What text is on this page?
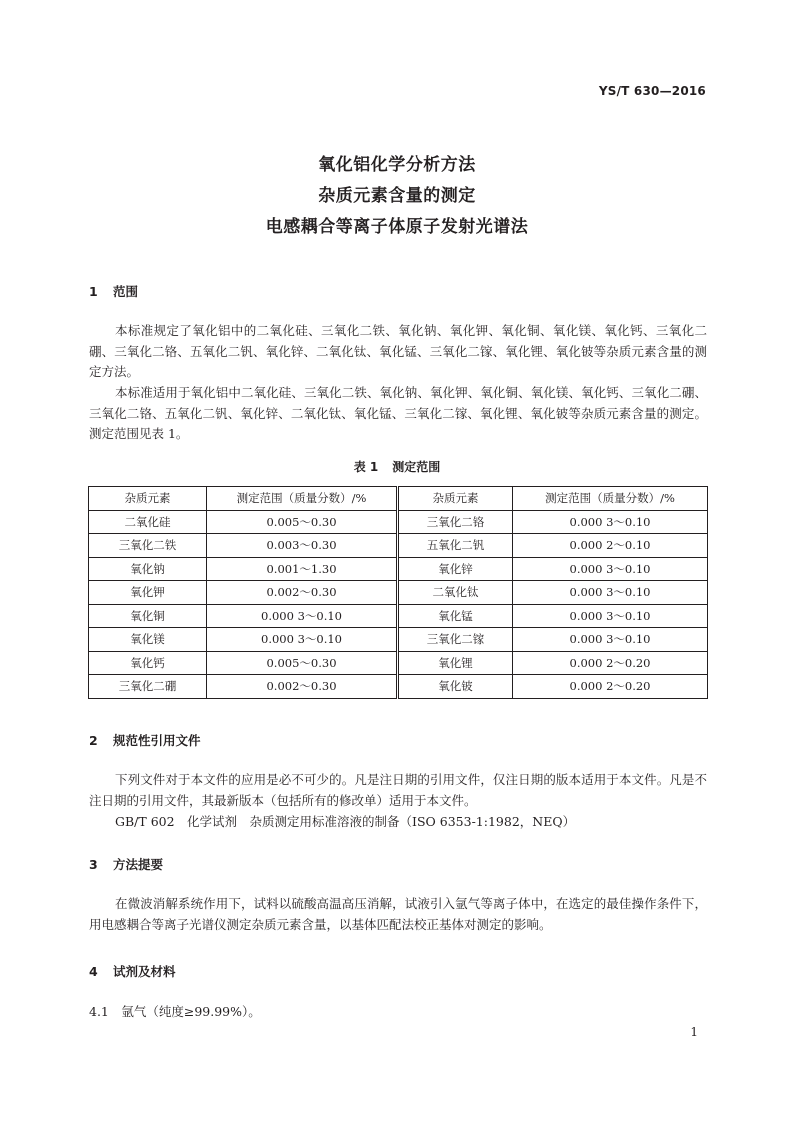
YS/T 630—2016
氧化铝化学分析方法
杂质元素含量的测定
电感耦合等离子体原子发射光谱法
1 范围

本标准规定了氧化铝中的二氧化硅、三氧化二铁、氧化钠、氧化钾、氧化铜、氧化镁、氧化钙、三氧化二硼、三氧化二铬、五氧化二钒、氧化锌、二氧化钛、氧化锰、三氧化二镓、氧化锂、氧化铍等杂质元素含量的测定方法。

本标准适用于氧化铝中二氧化硅、三氧化二铁、氧化钠、氧化钾、氧化铜、氧化镁、氧化钙、三氧化二硼、三氧化二铬、五氧化二钒、氧化锌、二氧化钛、氧化锰、三氧化二镓、氧化锂、氧化铍等杂质元素含量的测定。测定范围见表 1。

表 1 测定范围
杂质元素	测定范围（质量分数）/%	杂质元素	测定范围（质量分数）/%
二氧化硅	0.005～0.30	三氧化二铬	0.000 3～0.10
三氧化二铁	0.003～0.30	五氧化二钒	0.000 2～0.10
氧化钠	0.001～1.30	氧化锌	0.000 3～0.10
氧化钾	0.002～0.30	二氧化钛	0.000 3～0.10
氧化铜	0.000 3～0.10	氧化锰	0.000 3～0.10
氧化镁	0.000 3～0.10	三氧化二镓	0.000 3～0.10
氧化钙	0.005～0.30	氧化锂	0.000 2～0.20
三氧化二硼	0.002～0.30	氧化铍	0.000 2～0.20
2 规范性引用文件

下列文件对于本文件的应用是必不可少的。凡是注日期的引用文件，仅注日期的版本适用于本文件。凡是不注日期的引用文件，其最新版本（包括所有的修改单）适用于本文件。

GB/T 602　化学试剂　杂质测定用标准溶液的制备（ISO 6353-1:1982，NEQ）
3 方法提要

在微波消解系统作用下，试料以硫酸高温高压消解，试液引入氩气等离子体中，在选定的最佳操作条件下，用电感耦合等离子光谱仪测定杂质元素含量，以基体匹配法校正基体对测定的影响。

4 试剂及材料
4.1　氩气（纯度≥99.99%）。
1
